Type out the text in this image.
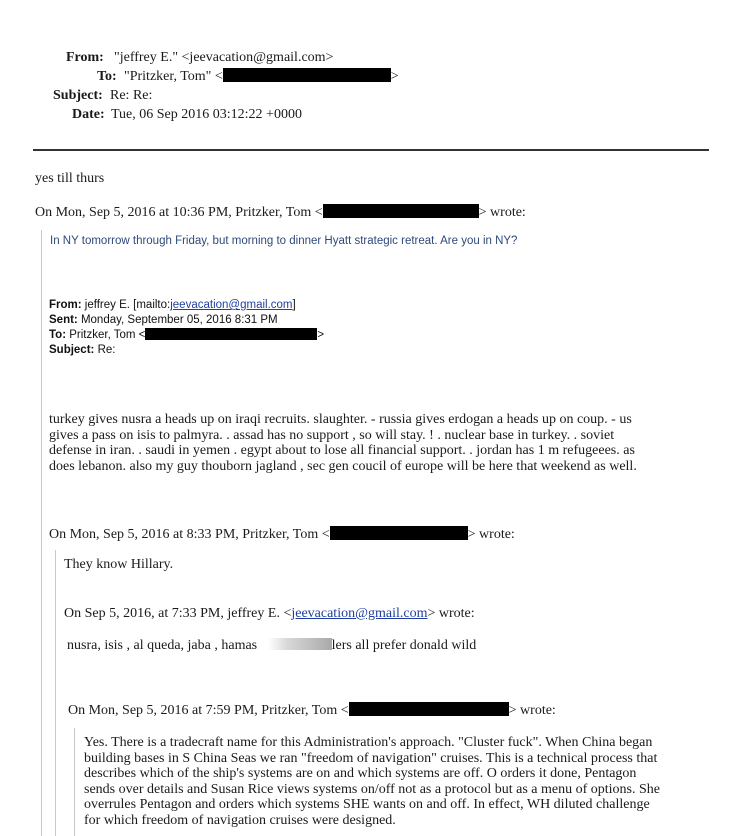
From: "jeffrey E." <jeevacation@gmail.com>
To: "Pritzker, Tom" <	>
Subject: Re: Re:
Date: Tue, 06 Sep 2016 03:12:22 +0000
yes till thurs
On Mon, Sep 5, 2016 at 10:36 PM, Pritzker, Tom <	> wrote:
In NY tomorrow through Friday, but morning to dinner Hyatt strategic retreat. Are you in NY?
From: jeffrey E. [mailto:jeevacation@gmail.com]
Sent: Monday, September 05, 2016 8:31 PM
To: Pritzker, Tom <	>
Subject: Re:
turkey gives nusra a heads up on iraqi recruits. slaughter. - russia gives erdogan a heads up on coup. - us
gives a pass on isis to palmyra. . assad has no support , so will stay. ! . nuclear base in turkey. . soviet
defense in iran. . saudi in yemen . egypt about to lose all financial support. . jordan has 1 m refugeees. as
does lebanon. also my guy thouborn jagland , sec gen coucil of europe will be here that weekend as well.
On Mon, Sep 5, 2016 at 8:33 PM, Pritzker, Tom <	> wrote:
They know Hillary.
On Sep 5, 2016, at 7:33 PM, jeffrey E. <jeevacation@gmail.com> wrote:
nusra, isis , al queda, jaba , hamas	lers all prefer donald wild
On Mon, Sep 5, 2016 at 7:59 PM, Pritzker, Tom <	> wrote:
Yes. There is a tradecraft name for this Administration's approach. "Cluster fuck". When China began
building bases in S China Seas we ran "freedom of navigation" cruises. This is a technical process that
describes which of the ship's systems are on and which systems are off. O orders it done, Pentagon
sends over details and Susan Rice views systems on/off not as a protocol but as a menu of options. She
overrules Pentagon and orders which systems SHE wants on and off. In effect, WH diluted challenge
for which freedom of navigation cruises were designed.
